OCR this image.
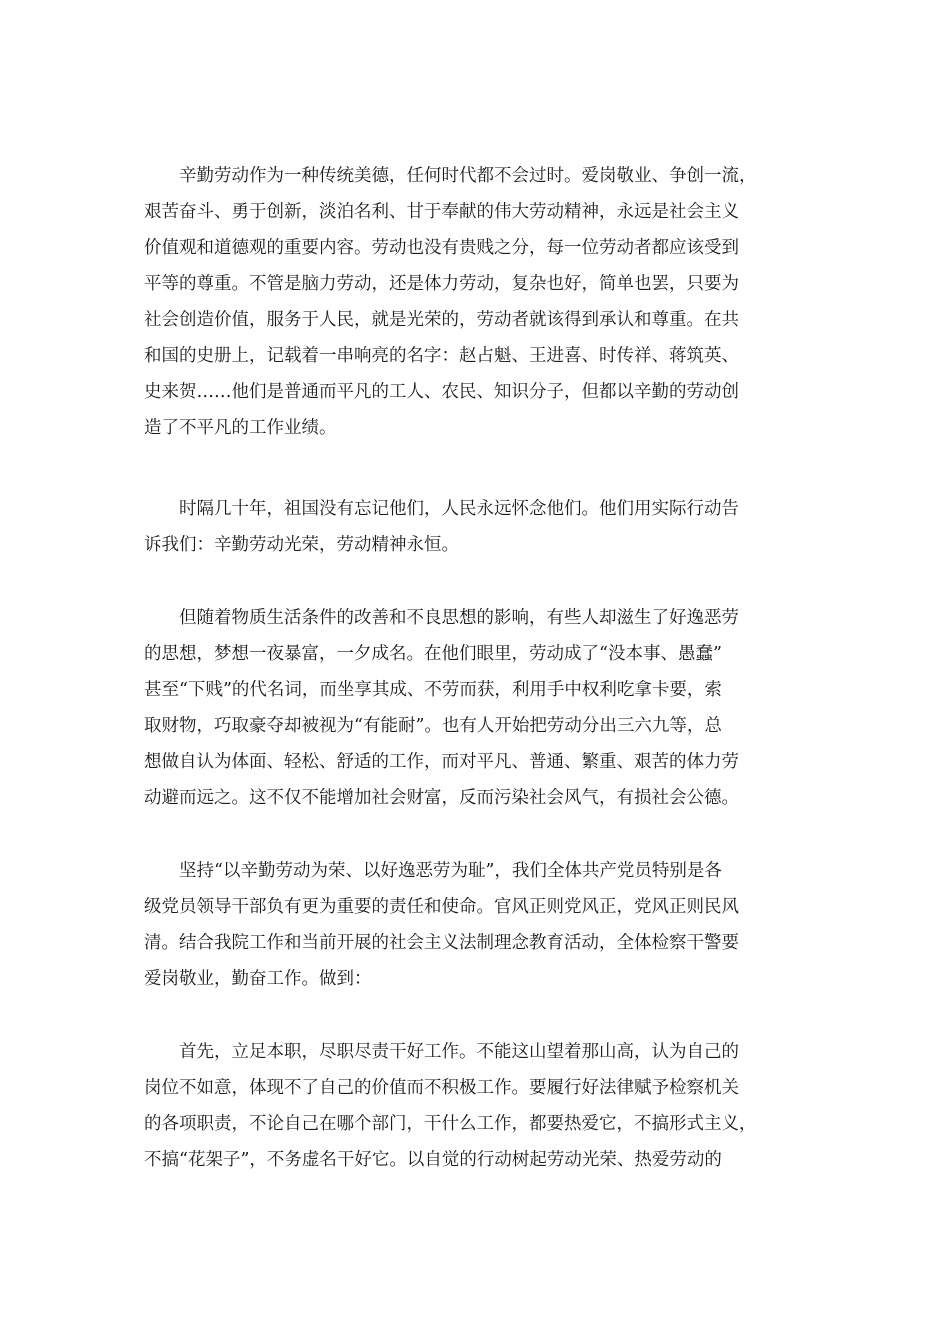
　　辛勤劳动作为一种传统美德，任何时代都不会过时。爱岗敬业、争创一流，
艰苦奋斗、勇于创新，淡泊名利、甘于奉献的伟大劳动精神，永远是社会主义
价值观和道德观的重要内容。劳动也没有贵贱之分，每一位劳动者都应该受到
平等的尊重。不管是脑力劳动，还是体力劳动，复杂也好，简单也罢，只要为
社会创造价值，服务于人民，就是光荣的，劳动者就该得到承认和尊重。在共
和国的史册上，记载着一串响亮的名字：赵占魁、王进喜、时传祥、蒋筑英、
史来贺……他们是普通而平凡的工人、农民、知识分子，但都以辛勤的劳动创
造了不平凡的工作业绩。
　　时隔几十年，祖国没有忘记他们，人民永远怀念他们。他们用实际行动告
诉我们：辛勤劳动光荣，劳动精神永恒。
　　但随着物质生活条件的改善和不良思想的影响，有些人却滋生了好逸恶劳
的思想，梦想一夜暴富，一夕成名。在他们眼里，劳动成了“没本事、愚蠢”
甚至“下贱”的代名词，而坐享其成、不劳而获，利用手中权利吃拿卡要，索
取财物，巧取豪夺却被视为“有能耐”。也有人开始把劳动分出三六九等，总
想做自认为体面、轻松、舒适的工作，而对平凡、普通、繁重、艰苦的体力劳
动避而远之。这不仅不能增加社会财富，反而污染社会风气，有损社会公德。
　　坚持“以辛勤劳动为荣、以好逸恶劳为耻”，我们全体共产党员特别是各
级党员领导干部负有更为重要的责任和使命。官风正则党风正，党风正则民风
清。结合我院工作和当前开展的社会主义法制理念教育活动，全体检察干警要
爱岗敬业，勤奋工作。做到：
　　首先，立足本职，尽职尽责干好工作。不能这山望着那山高，认为自己的
岗位不如意，体现不了自己的价值而不积极工作。要履行好法律赋予检察机关
的各项职责，不论自己在哪个部门，干什么工作，都要热爱它，不搞形式主义，
不搞“花架子”，不务虚名干好它。以自觉的行动树起劳动光荣、热爱劳动的
